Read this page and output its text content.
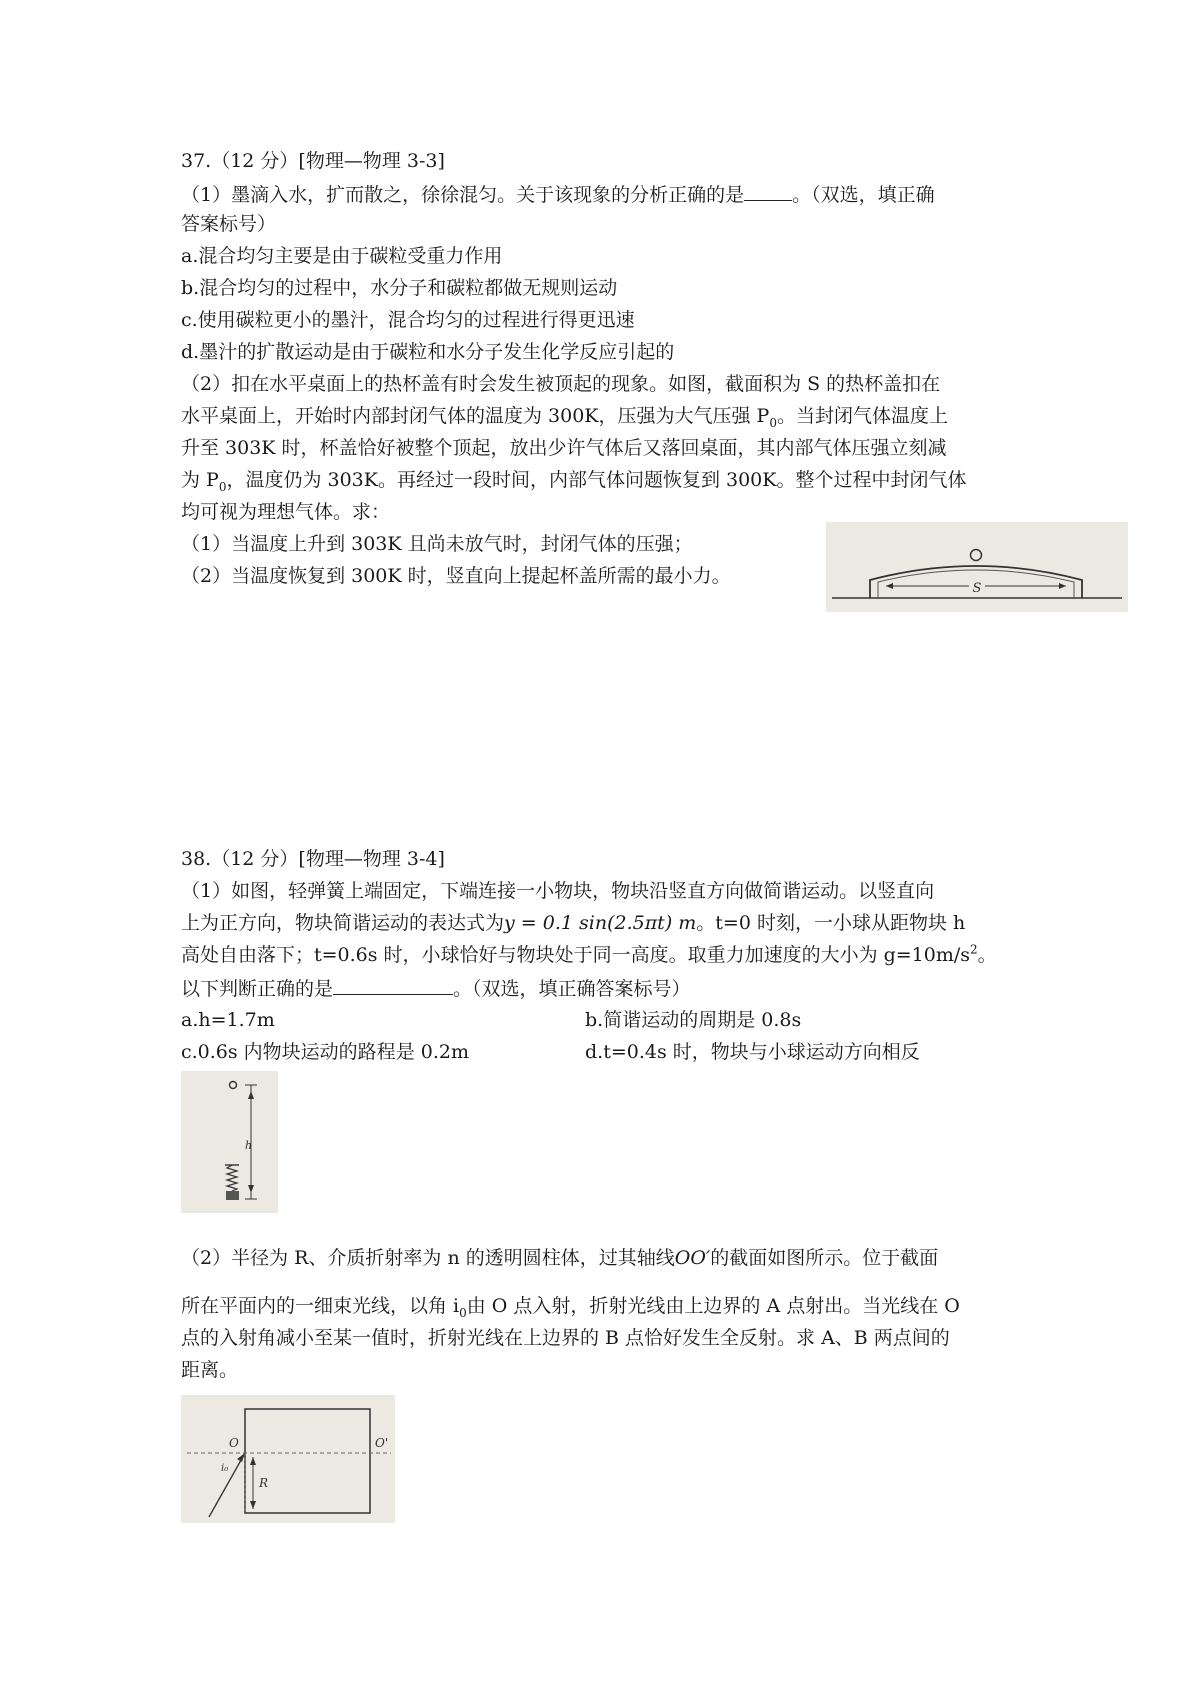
37.（12 分）[物理—物理 3-3]
（1）墨滴入水，扩而散之，徐徐混匀。关于该现象的分析正确的是	。（双选，填正确
答案标号）
a.混合均匀主要是由于碳粒受重力作用
b.混合均匀的过程中，水分子和碳粒都做无规则运动
c.使用碳粒更小的墨汁，混合均匀的过程进行得更迅速
d.墨汁的扩散运动是由于碳粒和水分子发生化学反应引起的
（2）扣在水平桌面上的热杯盖有时会发生被顶起的现象。如图，截面积为 S 的热杯盖扣在
水平桌面上，开始时内部封闭气体的温度为 300K，压强为大气压强 $P_0$。当封闭气体温度上
升至 303K 时，杯盖恰好被整个顶起，放出少许气体后又落回桌面，其内部气体压强立刻减
为 $P_0$，温度仍为 303K。再经过一段时间，内部气体问题恢复到 300K。整个过程中封闭气体
均可视为理想气体。求：
（1）当温度上升到 303K 且尚未放气时，封闭气体的压强；
（2）当温度恢复到 300K 时，竖直向上提起杯盖所需的最小力。
S
38.（12 分）[物理—物理 3-4]
（1）如图，轻弹簧上端固定，下端连接一小物块，物块沿竖直方向做简谐运动。以竖直向
上为正方向，物块简谐运动的表达式为y = 0.1 sin(2.5πt) m。t=0 时刻，一小球从距物块 h
高处自由落下；t=0.6s 时，小球恰好与物块处于同一高度。取重力加速度的大小为 $g=10m/s^2$。
以下判断正确的是	。（双选，填正确答案标号）
a.h=1.7m	b.简谐运动的周期是 0.8s
c.0.6s 内物块运动的路程是 0.2m	d.t=0.4s 时，物块与小球运动方向相反
h
（2）半径为 R、介质折射率为 n 的透明圆柱体，过其轴线OO′的截面如图所示。位于截面
所在平面内的一细束光线，以角 $i_0$由 O 点入射，折射光线由上边界的 A 点射出。当光线在 O
点的入射角减小至某一值时，折射光线在上边界的 B 点恰好发生全反射。求 A、B 两点间的
距离。
O	O'
R
i₀
